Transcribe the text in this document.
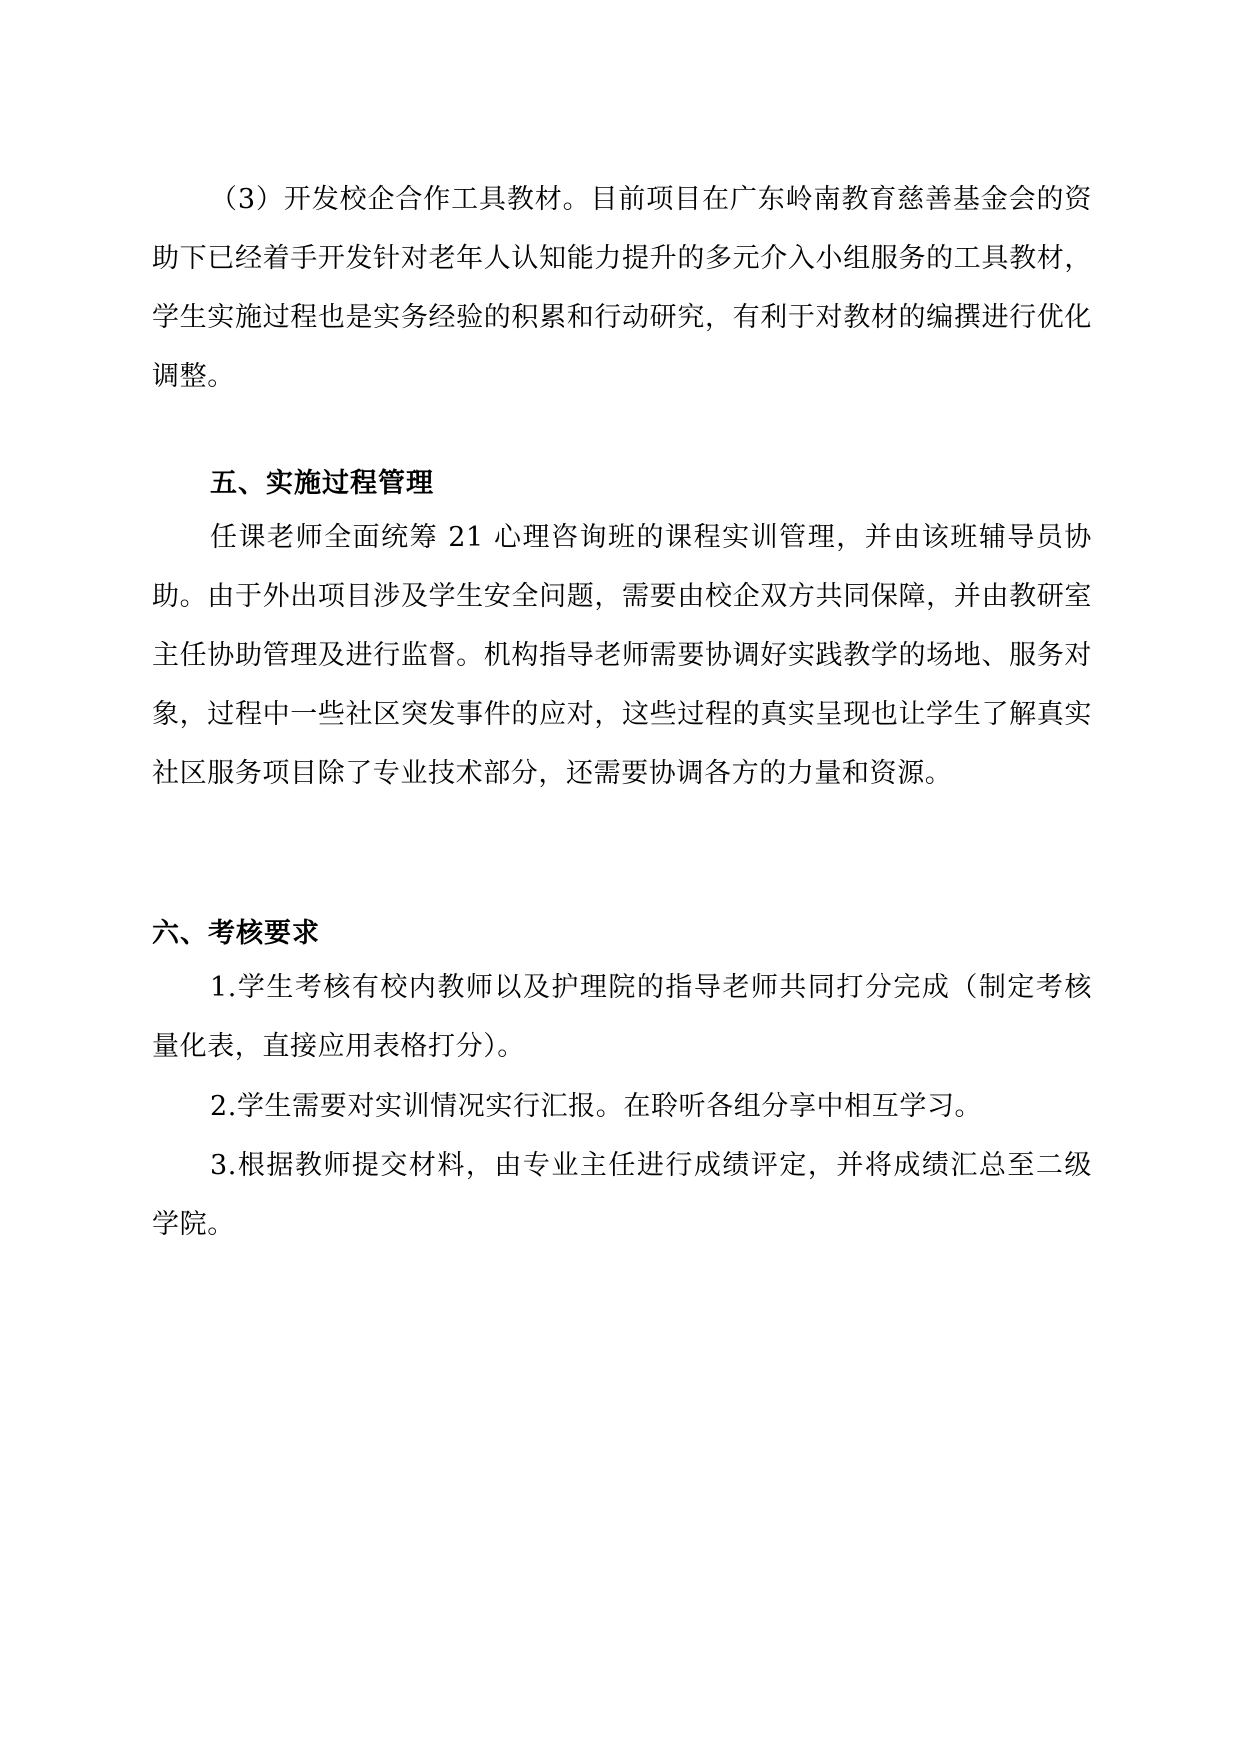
（3）开发校企合作工具教材。目前项目在广东岭南教育慈善基金会的资助下已经着手开发针对老年人认知能力提升的多元介入小组服务的工具教材，学生实施过程也是实务经验的积累和行动研究，有利于对教材的编撰进行优化调整。

五、实施过程管理

任课老师全面统筹 21 心理咨询班的课程实训管理，并由该班辅导员协助。由于外出项目涉及学生安全问题，需要由校企双方共同保障，并由教研室主任协助管理及进行监督。机构指导老师需要协调好实践教学的场地、服务对象，过程中一些社区突发事件的应对，这些过程的真实呈现也让学生了解真实社区服务项目除了专业技术部分，还需要协调各方的力量和资源。

六、考核要求

1.学生考核有校内教师以及护理院的指导老师共同打分完成（制定考核量化表，直接应用表格打分）。

2.学生需要对实训情况实行汇报。在聆听各组分享中相互学习。

3.根据教师提交材料，由专业主任进行成绩评定，并将成绩汇总至二级学院。
